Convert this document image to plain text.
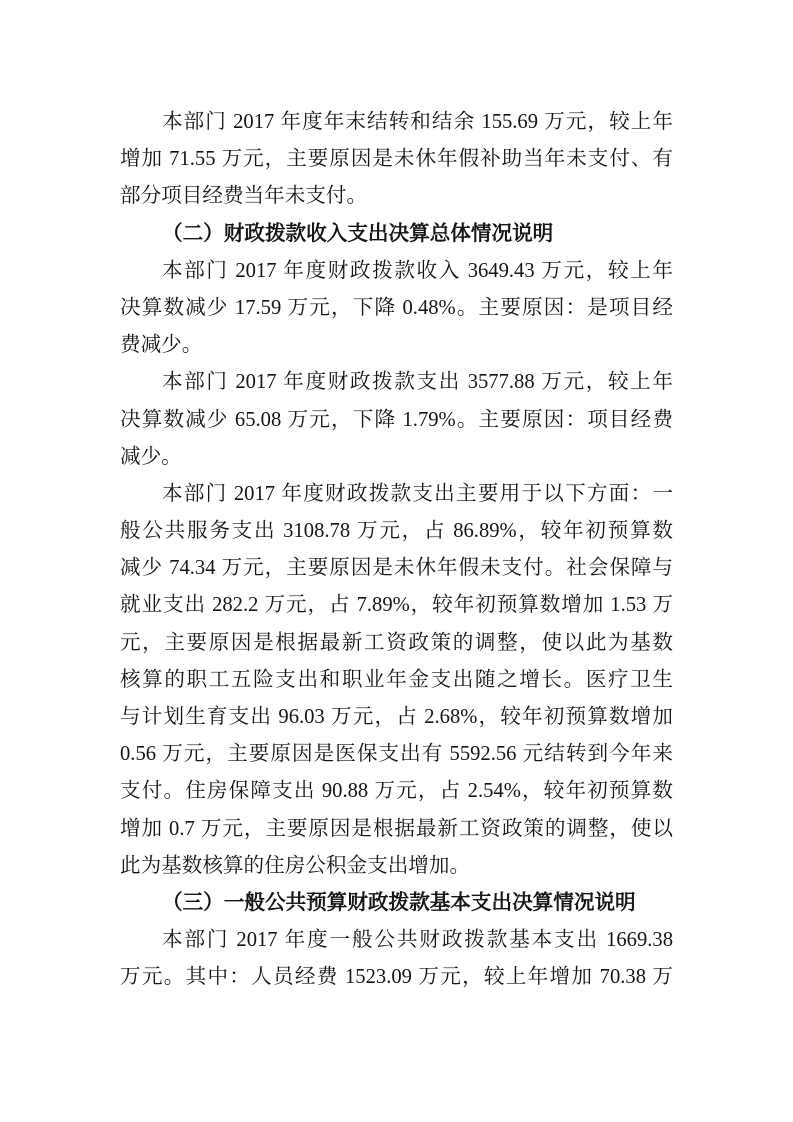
本部门 2017 年度年末结转和结余 155.69 万元，较上年
增加 71.55 万元，主要原因是未休年假补助当年未支付、有
部分项目经费当年未支付。
（二）财政拨款收入支出决算总体情况说明
本部门 2017 年度财政拨款收入 3649.43 万元，较上年
决算数减少 17.59 万元，下降 0.48%。主要原因：是项目经
费减少。
本部门 2017 年度财政拨款支出 3577.88 万元，较上年
决算数减少 65.08 万元，下降 1.79%。主要原因：项目经费
减少。
本部门 2017 年度财政拨款支出主要用于以下方面：一
般公共服务支出 3108.78 万元，占 86.89%，较年初预算数
减少 74.34 万元，主要原因是未休年假未支付。社会保障与
就业支出 282.2 万元，占 7.89%，较年初预算数增加 1.53 万
元，主要原因是根据最新工资政策的调整，使以此为基数
核算的职工五险支出和职业年金支出随之增长。医疗卫生
与计划生育支出 96.03 万元，占 2.68%，较年初预算数增加
0.56 万元，主要原因是医保支出有 5592.56 元结转到今年来
支付。住房保障支出 90.88 万元，占 2.54%，较年初预算数
增加 0.7 万元，主要原因是根据最新工资政策的调整，使以
此为基数核算的住房公积金支出增加。
（三）一般公共预算财政拨款基本支出决算情况说明
本部门 2017 年度一般公共财政拨款基本支出 1669.38
万元。其中：人员经费 1523.09 万元，较上年增加 70.38 万
